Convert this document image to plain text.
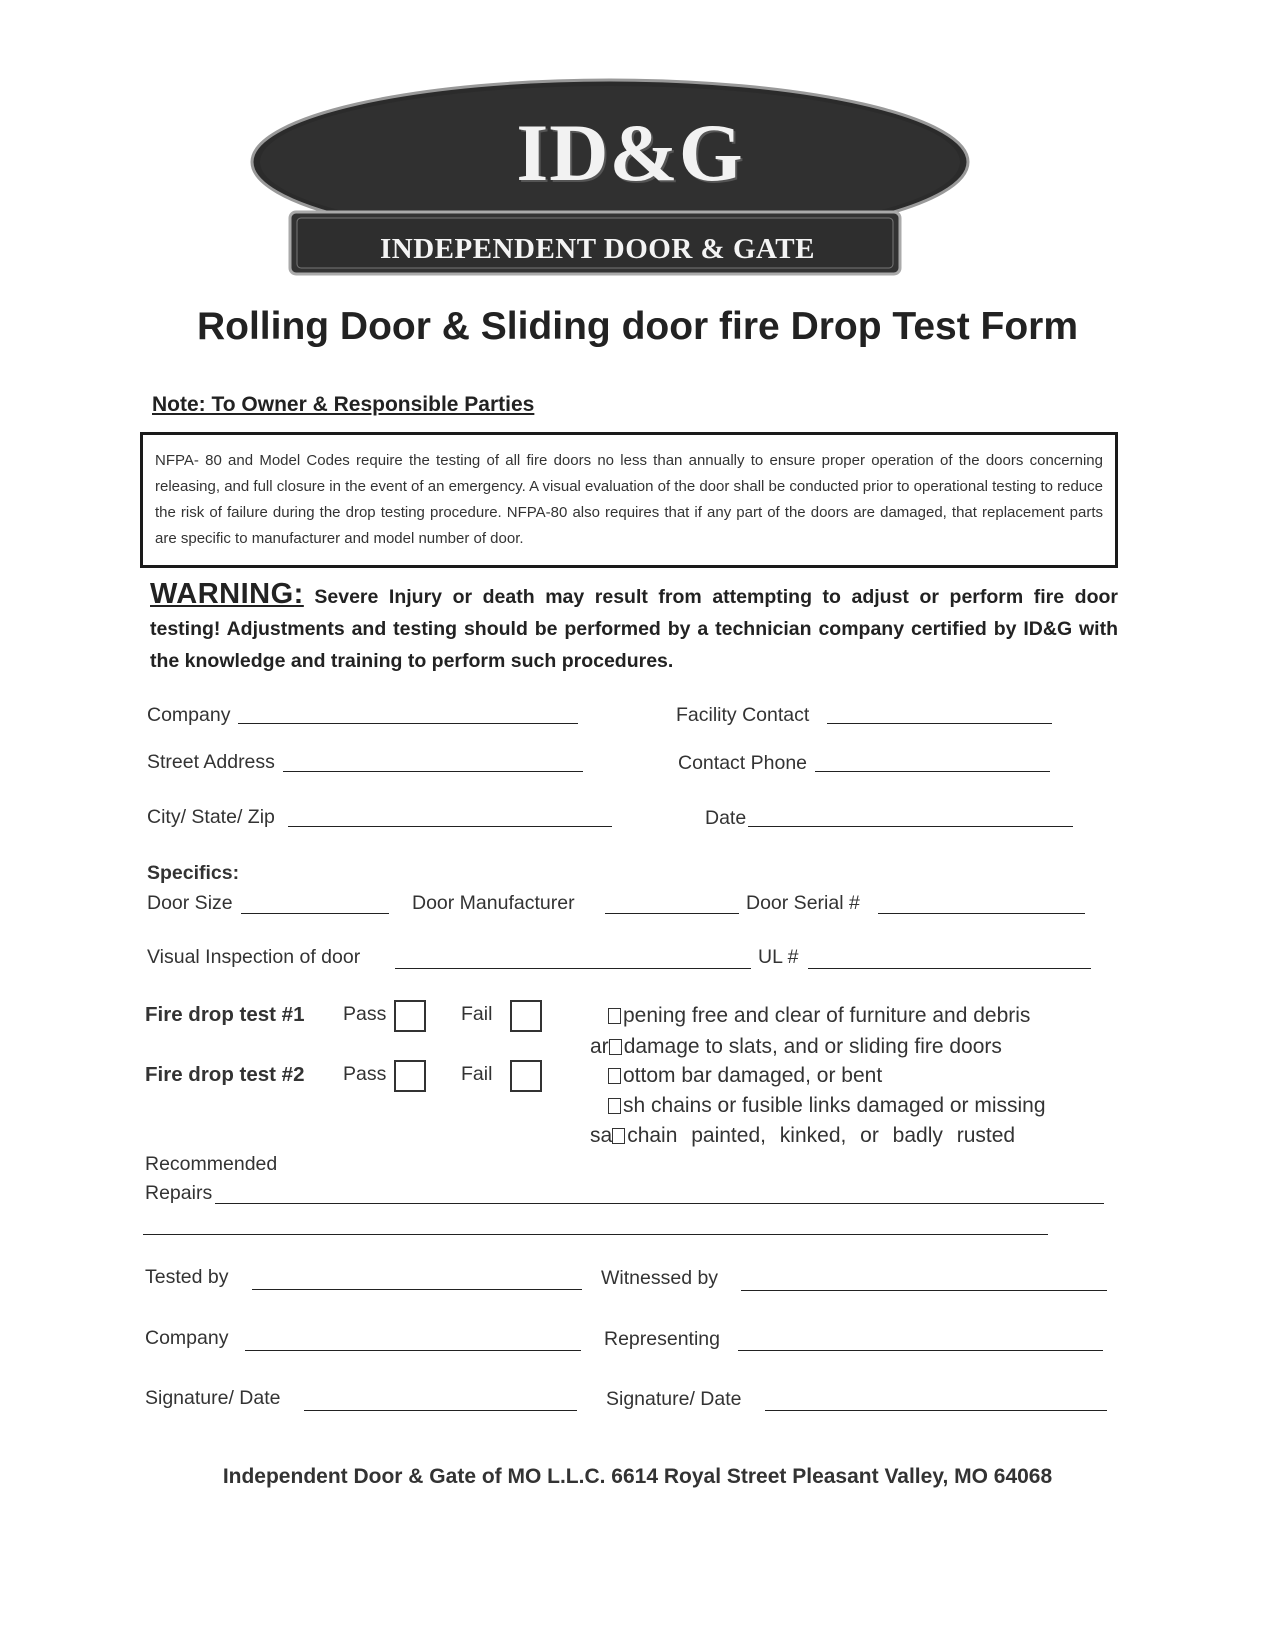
ID&G
INDEPENDENT DOOR & GATE
Rolling Door & Sliding door fire Drop Test Form
Note: To Owner & Responsible Parties
NFPA- 80 and Model Codes require the testing of all fire doors no less than annually to ensure proper operation of the doors concerning releasing, and full closure in the event of an emergency. A visual evaluation of the door shall be conducted prior to operational testing to reduce the risk of failure during the drop testing procedure. NFPA-80 also requires that if any part of the doors are damaged, that replacement parts are specific to manufacturer and model number of door.
WARNING: Severe Injury or death may result from attempting to adjust or perform fire door testing! Adjustments and testing should be performed by a technician company certified by ID&G with the knowledge and training to perform such procedures.
Company	Facility Contact
Street Address	Contact Phone
City/ State/ Zip	Date
Specifics:
Door Size	Door Manufacturer	Door Serial #
Visual Inspection of door	UL #
Fire drop test #1 Pass	Fail
Fire drop test #2 Pass	Fail
pening free and clear of furniture and debris
ar damage to slats, and or sliding fire doors
ottom bar damaged, or bent
sh chains or fusible links damaged or missing
sa chain painted, kinked, or badly rusted
Recommended
Repairs
Tested by	Witnessed by
Company	Representing
Signature/ Date	Signature/ Date
Independent Door & Gate of MO L.L.C. 6614 Royal Street Pleasant Valley, MO 64068
